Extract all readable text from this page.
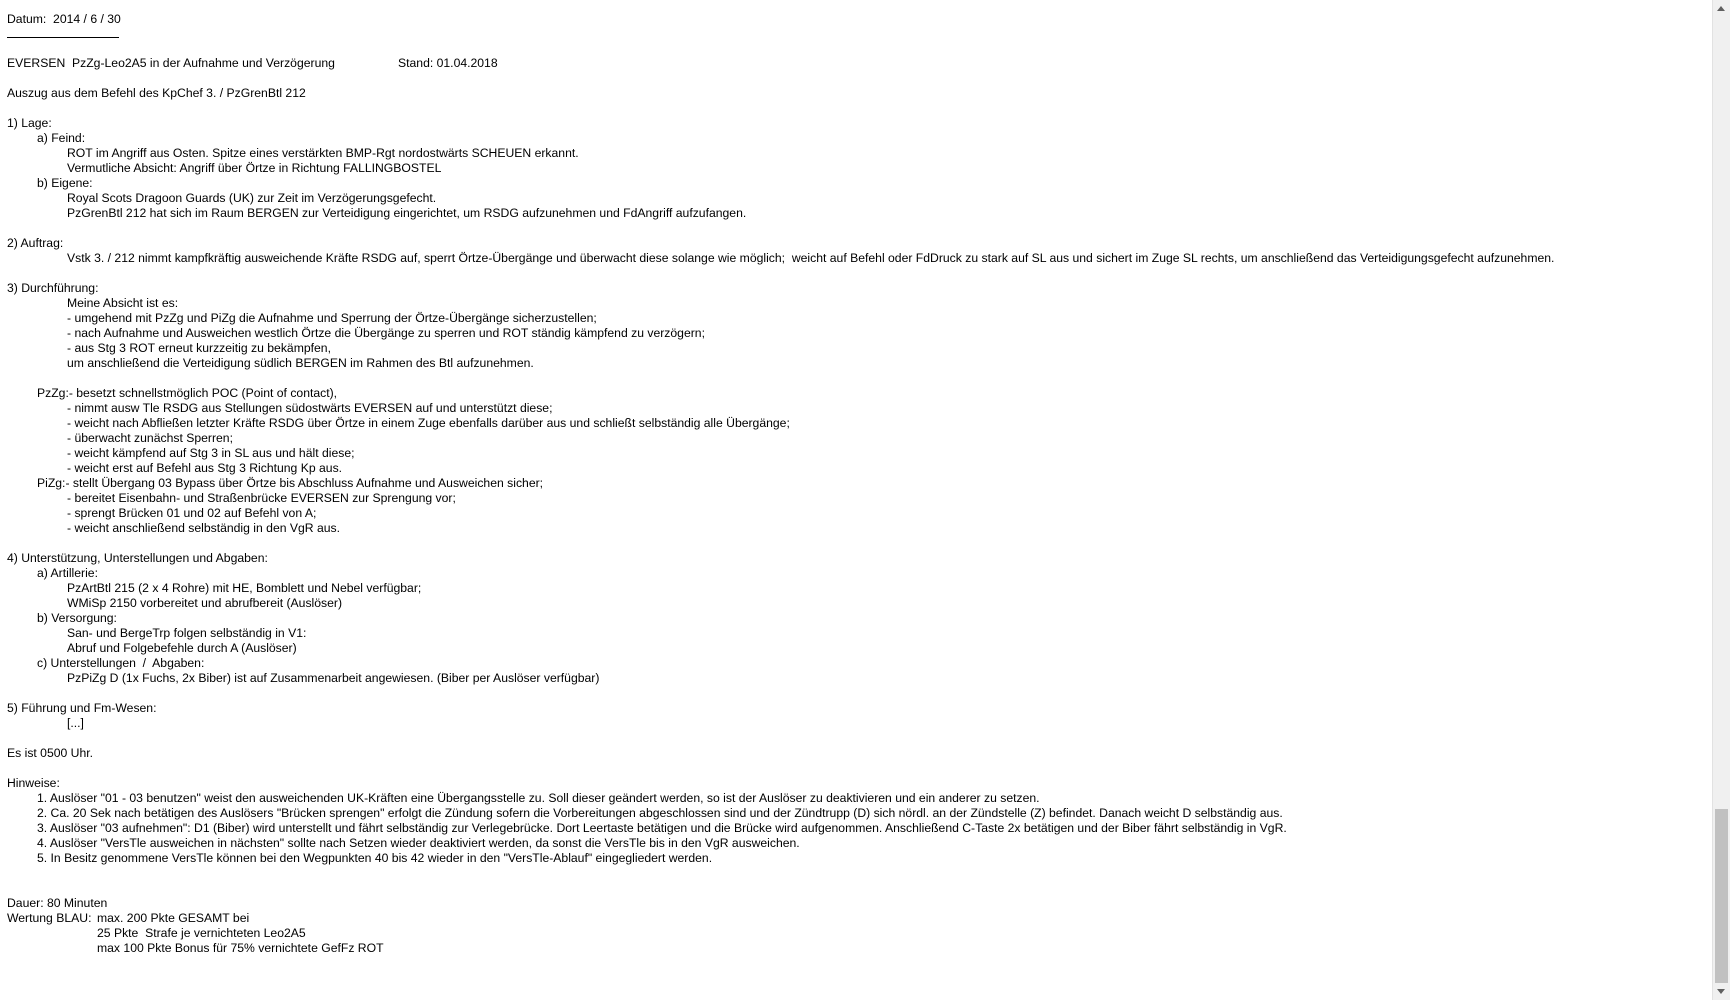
Datum:  2014 / 6 / 30
EVERSEN  PzZg-Leo2A5 in der Aufnahme und Verzögerung	Stand: 01.04.2018
Auszug aus dem Befehl des KpChef 3. / PzGrenBtl 212
1) Lage:
a) Feind:
ROT im Angriff aus Osten. Spitze eines verstärkten BMP-Rgt nordostwärts SCHEUEN erkannt.
Vermutliche Absicht: Angriff über Örtze in Richtung FALLINGBOSTEL
b) Eigene:
Royal Scots Dragoon Guards (UK) zur Zeit im Verzögerungsgefecht.
PzGrenBtl 212 hat sich im Raum BERGEN zur Verteidigung eingerichtet, um RSDG aufzunehmen und FdAngriff aufzufangen.
2) Auftrag:
Vstk 3. / 212 nimmt kampfkräftig ausweichende Kräfte RSDG auf, sperrt Örtze-Übergänge und überwacht diese solange wie möglich;  weicht auf Befehl oder FdDruck zu stark auf SL aus und sichert im Zuge SL rechts, um anschließend das Verteidigungsgefecht aufzunehmen.
3) Durchführung:
Meine Absicht ist es:
- umgehend mit PzZg und PiZg die Aufnahme und Sperrung der Örtze-Übergänge sicherzustellen;
- nach Aufnahme und Ausweichen westlich Örtze die Übergänge zu sperren und ROT ständig kämpfend zu verzögern;
- aus Stg 3 ROT erneut kurzzeitig zu bekämpfen,
um anschließend die Verteidigung südlich BERGEN im Rahmen des Btl aufzunehmen.
PzZg:- besetzt schnellstmöglich POC (Point of contact),
- nimmt ausw Tle RSDG aus Stellungen südostwärts EVERSEN auf und unterstützt diese;
- weicht nach Abfließen letzter Kräfte RSDG über Örtze in einem Zuge ebenfalls darüber aus und schließt selbständig alle Übergänge;
- überwacht zunächst Sperren;
- weicht kämpfend auf Stg 3 in SL aus und hält diese;
- weicht erst auf Befehl aus Stg 3 Richtung Kp aus.
PiZg:- stellt Übergang 03 Bypass über Örtze bis Abschluss Aufnahme und Ausweichen sicher;
- bereitet Eisenbahn- und Straßenbrücke EVERSEN zur Sprengung vor;
- sprengt Brücken 01 und 02 auf Befehl von A;
- weicht anschließend selbständig in den VgR aus.
4) Unterstützung, Unterstellungen und Abgaben:
a) Artillerie:
PzArtBtl 215 (2 x 4 Rohre) mit HE, Bomblett und Nebel verfügbar;
WMiSp 2150 vorbereitet und abrufbereit (Auslöser)
b) Versorgung:
San- und BergeTrp folgen selbständig in V1:
Abruf und Folgebefehle durch A (Auslöser)
c) Unterstellungen  /  Abgaben:
PzPiZg D (1x Fuchs, 2x Biber) ist auf Zusammenarbeit angewiesen. (Biber per Auslöser verfügbar)
5) Führung und Fm-Wesen:
[...]
Es ist 0500 Uhr.
Hinweise:
1. Auslöser "01 - 03 benutzen" weist den ausweichenden UK-Kräften eine Übergangsstelle zu. Soll dieser geändert werden, so ist der Auslöser zu deaktivieren und ein anderer zu setzen.
2. Ca. 20 Sek nach betätigen des Auslösers "Brücken sprengen" erfolgt die Zündung sofern die Vorbereitungen abgeschlossen sind und der Zündtrupp (D) sich nördl. an der Zündstelle (Z) befindet. Danach weicht D selbständig aus.
3. Auslöser "03 aufnehmen": D1 (Biber) wird unterstellt und fährt selbständig zur Verlegebrücke. Dort Leertaste betätigen und die Brücke wird aufgenommen. Anschließend C-Taste 2x betätigen und der Biber fährt selbständig in VgR.
4. Auslöser "VersTle ausweichen in nächsten" sollte nach Setzen wieder deaktiviert werden, da sonst die VersTle bis in den VgR ausweichen.
5. In Besitz genommene VersTle können bei den Wegpunkten 40 bis 42 wieder in den "VersTle-Ablauf" eingegliedert werden.
Dauer: 80 Minuten
Wertung BLAU: max. 200 Pkte GESAMT bei
25 Pkte  Strafe je vernichteten Leo2A5
max 100 Pkte Bonus für 75% vernichtete GefFz ROT
